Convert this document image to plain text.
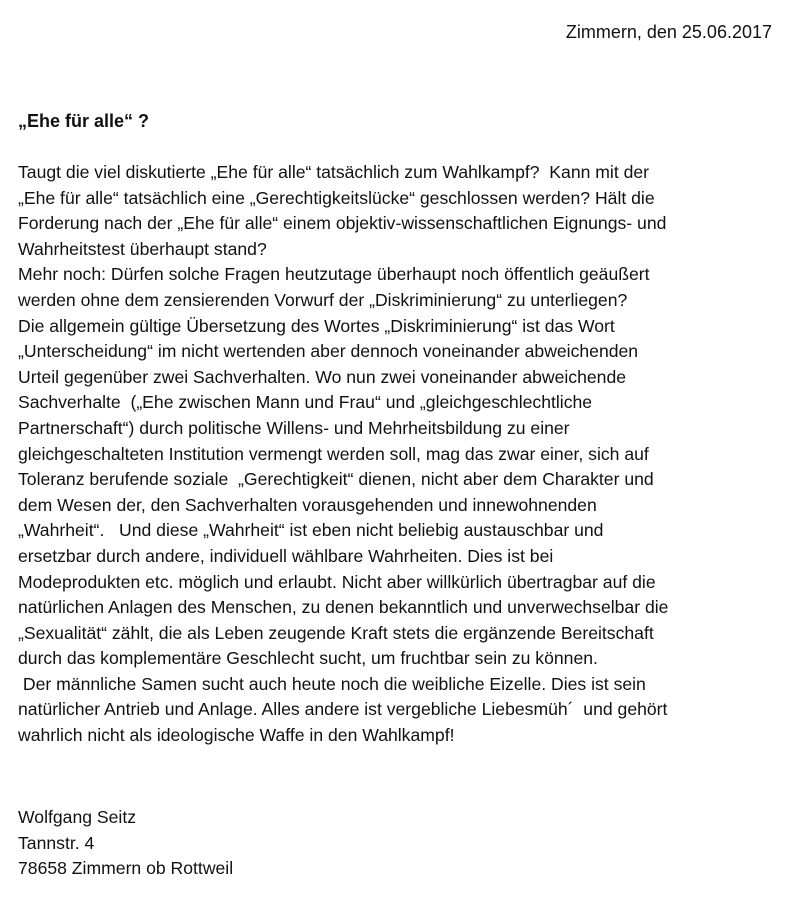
Zimmern, den 25.06.2017
„Ehe für alle“ ?
Taugt die viel diskutierte „Ehe für alle“ tatsächlich zum Wahlkampf?  Kann mit der
„Ehe für alle“ tatsächlich eine „Gerechtigkeitslücke“ geschlossen werden? Hält die
Forderung nach der „Ehe für alle“ einem objektiv-wissenschaftlichen Eignungs- und
Wahrheitstest überhaupt stand?
Mehr noch: Dürfen solche Fragen heutzutage überhaupt noch öffentlich geäußert
werden ohne dem zensierenden Vorwurf der „Diskriminierung“ zu unterliegen?
Die allgemein gültige Übersetzung des Wortes „Diskriminierung“ ist das Wort
„Unterscheidung“ im nicht wertenden aber dennoch voneinander abweichenden
Urteil gegenüber zwei Sachverhalten. Wo nun zwei voneinander abweichende
Sachverhalte  („Ehe zwischen Mann und Frau“ und „gleichgeschlechtliche
Partnerschaft“) durch politische Willens- und Mehrheitsbildung zu einer
gleichgeschalteten Institution vermengt werden soll, mag das zwar einer, sich auf
Toleranz berufende soziale  „Gerechtigkeit“ dienen, nicht aber dem Charakter und
dem Wesen der, den Sachverhalten vorausgehenden und innewohnenden
„Wahrheit“.   Und diese „Wahrheit“ ist eben nicht beliebig austauschbar und
ersetzbar durch andere, individuell wählbare Wahrheiten. Dies ist bei
Modeprodukten etc. möglich und erlaubt. Nicht aber willkürlich übertragbar auf die
natürlichen Anlagen des Menschen, zu denen bekanntlich und unverwechselbar die
„Sexualität“ zählt, die als Leben zeugende Kraft stets die ergänzende Bereitschaft
durch das komplementäre Geschlecht sucht, um fruchtbar sein zu können.
Der männliche Samen sucht auch heute noch die weibliche Eizelle. Dies ist sein
natürlicher Antrieb und Anlage. Alles andere ist vergebliche Liebesmüh´  und gehört
wahrlich nicht als ideologische Waffe in den Wahlkampf!
Wolfgang Seitz
Tannstr. 4
78658 Zimmern ob Rottweil
